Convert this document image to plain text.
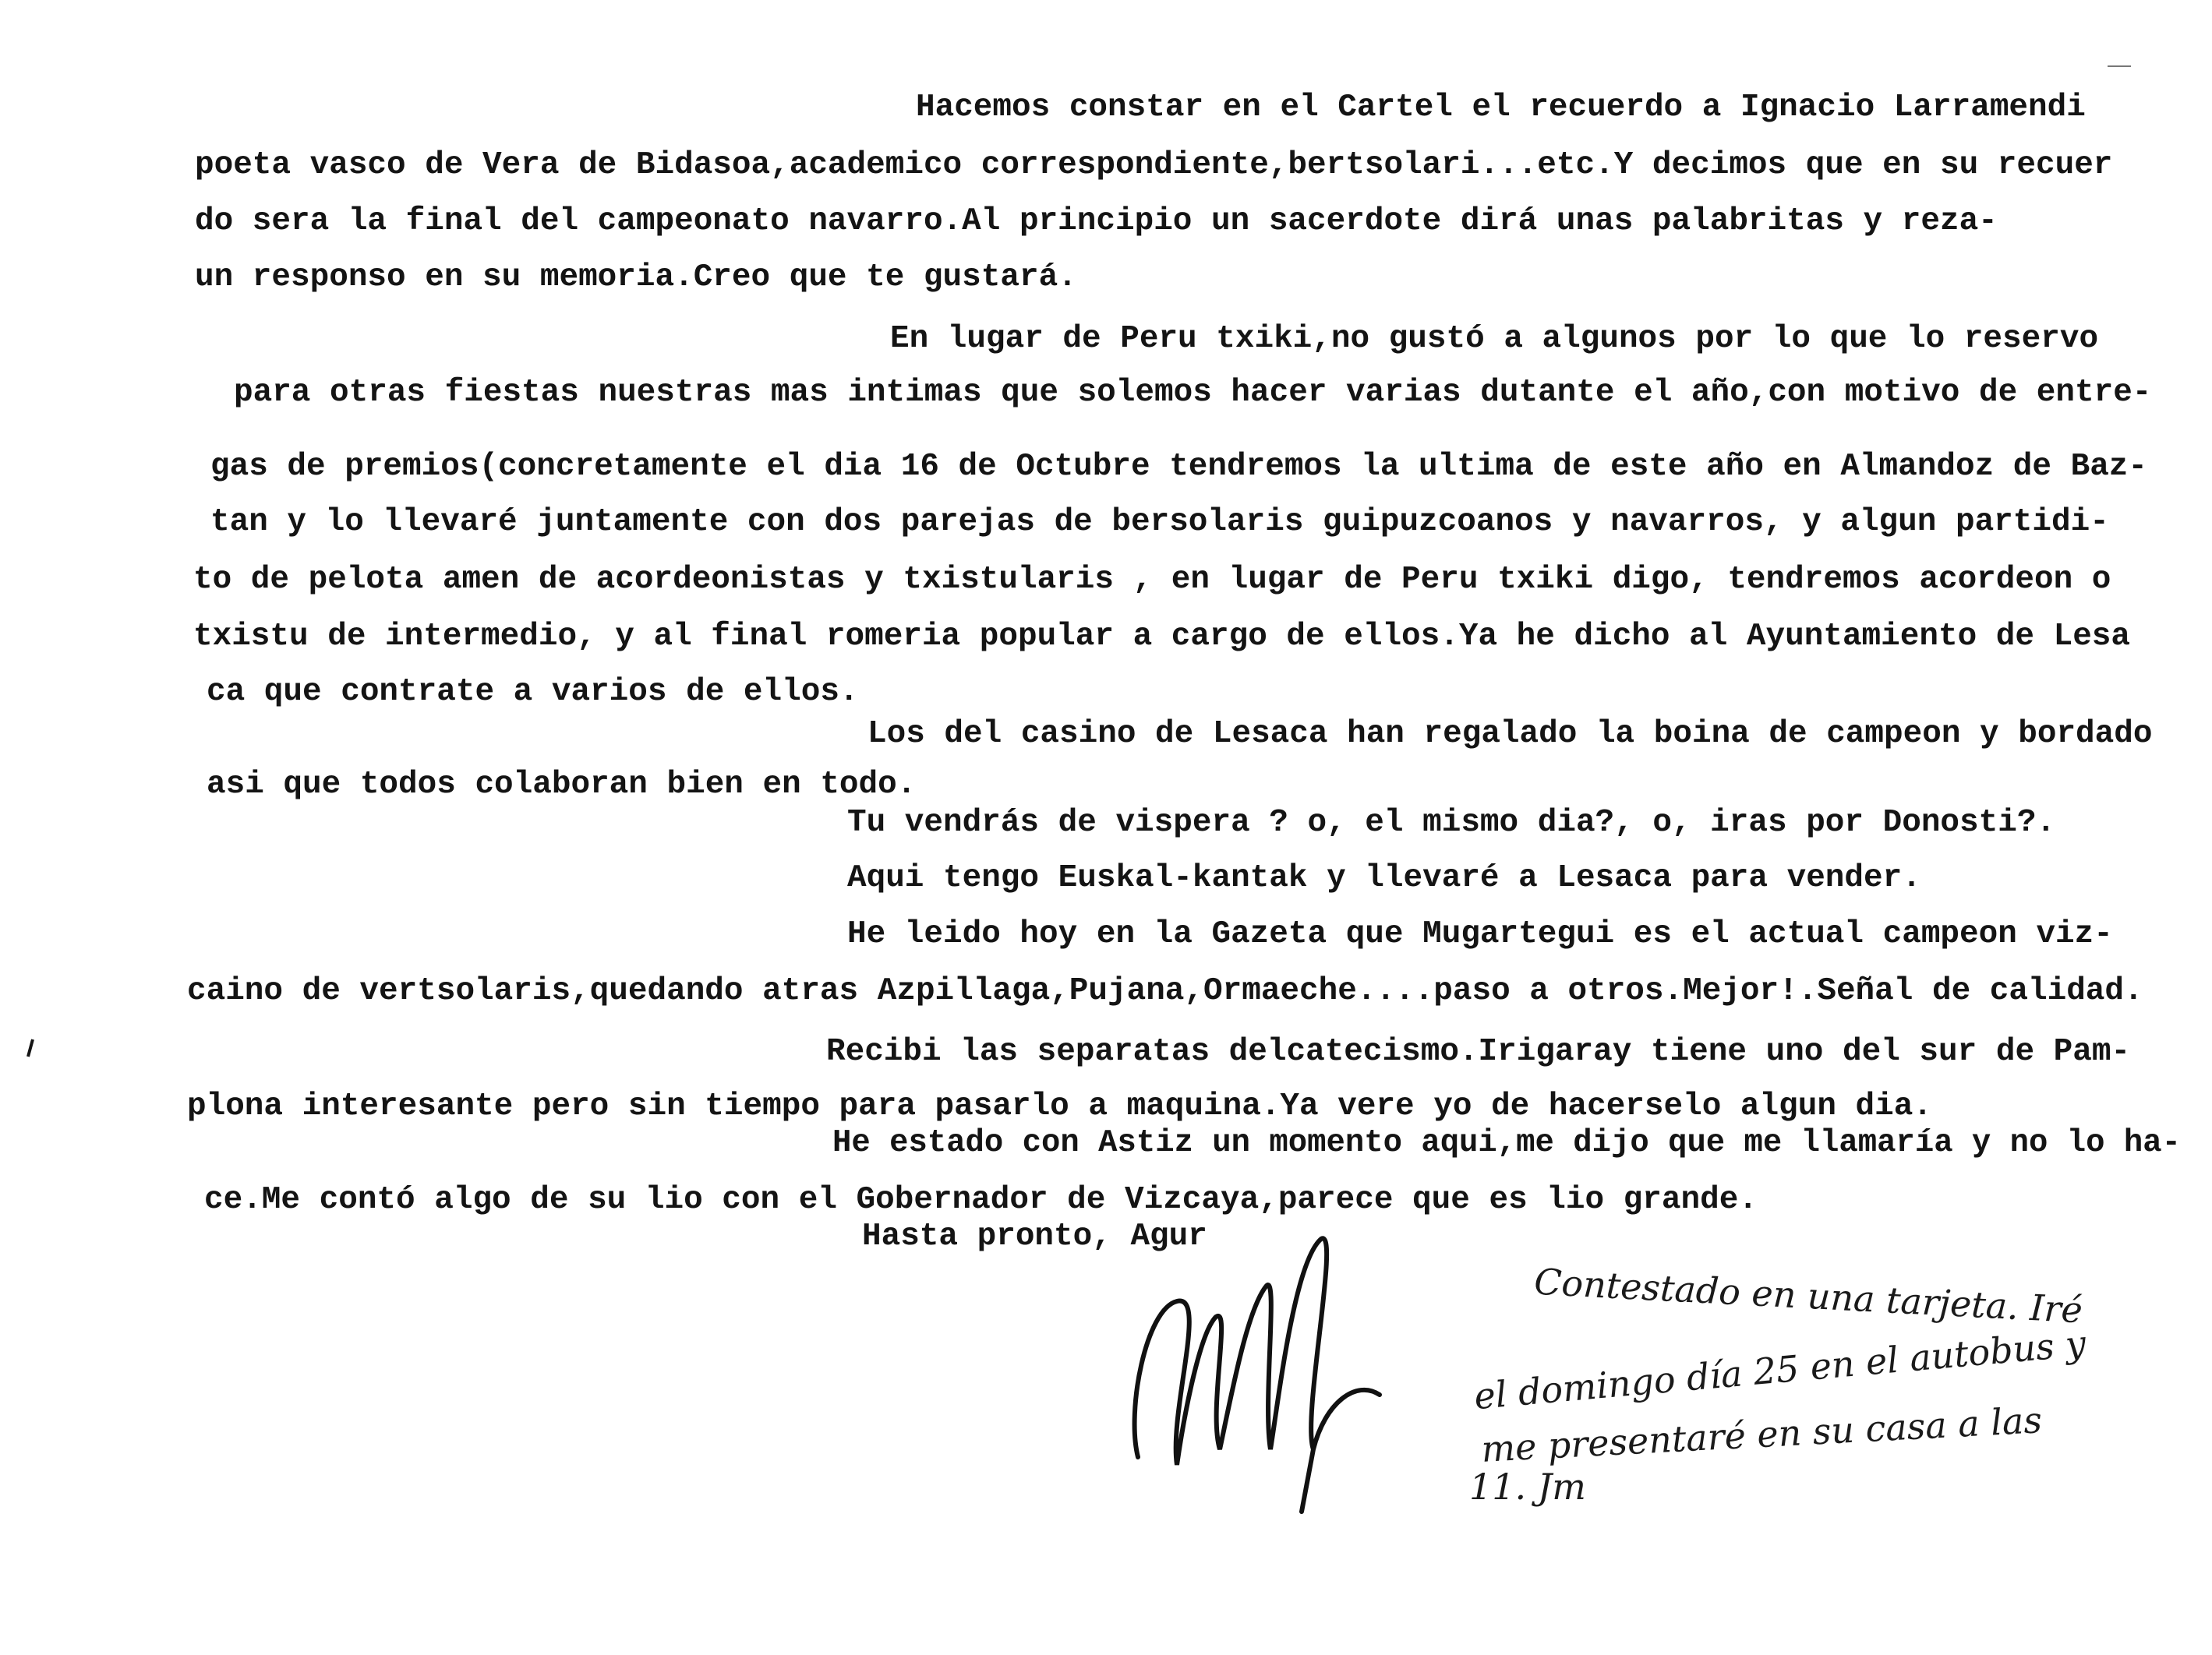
Hacemos constar en el Cartel el recuerdo a Ignacio Larramendi
poeta vasco de Vera de Bidasoa,academico correspondiente,bertsolari...etc.Y decimos que en su recuer
do sera la final del campeonato navarro.Al principio un sacerdote dirá unas palabritas y reza-
un responso en su memoria.Creo que te gustará.
En lugar de Peru txiki,no gustó a algunos por lo que lo reservo
para otras fiestas nuestras mas intimas que solemos hacer varias dutante el año,con motivo de entre-
gas de premios(concretamente el dia 16 de Octubre tendremos la ultima de este año en Almandoz de Baz-
tan y lo llevaré juntamente con dos parejas de bersolaris guipuzcoanos y navarros, y algun partidi-
to de pelota amen de acordeonistas y txistularis , en lugar de Peru txiki digo, tendremos acordeon o
txistu de intermedio, y al final romeria popular a cargo de ellos.Ya he dicho al Ayuntamiento de Lesa
ca que contrate a varios de ellos.
Los del casino de Lesaca han regalado la boina de campeon y bordado
asi que todos colaboran bien en todo.
Tu vendrás de vispera ? o, el mismo dia?, o, iras por Donosti?.
Aqui tengo Euskal-kantak y llevaré a Lesaca para vender.
He leido hoy en la Gazeta que Mugartegui es el actual campeon viz-
caino de vertsolaris,quedando atras Azpillaga,Pujana,Ormaeche....paso a otros.Mejor!.Señal de calidad.
Recibi las separatas delcatecismo.Irigaray tiene uno del sur de Pam-
plona interesante pero sin tiempo para pasarlo a maquina.Ya vere yo de hacerselo algun dia.
He estado con Astiz un momento aqui,me dijo que me llamaría y no lo ha-
ce.Me contó algo de su lio con el Gobernador de Vizcaya,parece que es lio grande.
Hasta pronto, Agur
Contestado en una tarjeta. Iré
el domingo día 25 en el autobus y
me presentaré en su casa a las
11. Jm
